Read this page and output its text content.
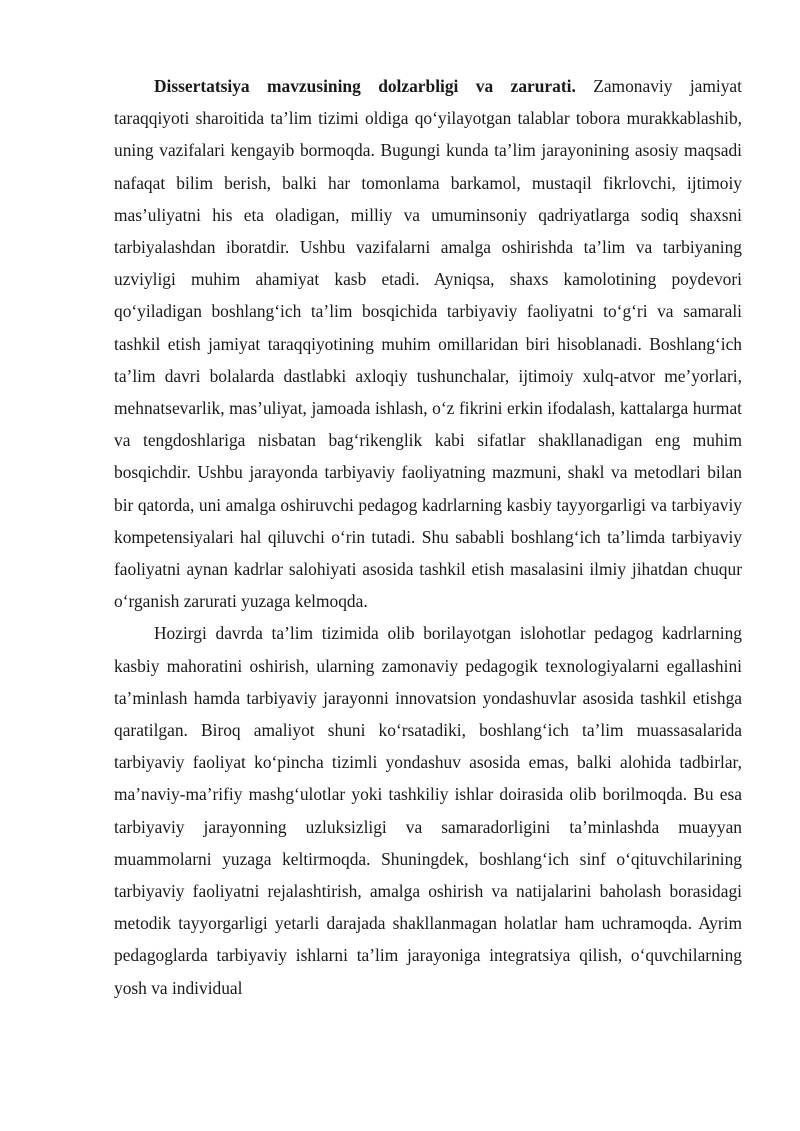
Dissertatsiya mavzusining dolzarbligi va zarurati. Zamonaviy jamiyat taraqqiyoti sharoitida ta’lim tizimi oldiga qo‘yilayotgan talablar tobora murakkablashib, uning vazifalari kengayib bormoqda. Bugungi kunda ta’lim jarayonining asosiy maqsadi nafaqat bilim berish, balki har tomonlama barkamol, mustaqil fikrlovchi, ijtimoiy mas’uliyatni his eta oladigan, milliy va umuminsoniy qadriyatlarga sodiq shaxsni tarbiyalashdan iboratdir. Ushbu vazifalarni amalga oshirishda ta’lim va tarbiyaning uzviyligi muhim ahamiyat kasb etadi. Ayniqsa, shaxs kamolotining poydevori qo‘yiladigan boshlang‘ich ta’lim bosqichida tarbiyaviy faoliyatni to‘g‘ri va samarali tashkil etish jamiyat taraqqiyotining muhim omillaridan biri hisoblanadi. Boshlang‘ich ta’lim davri bolalarda dastlabki axloqiy tushunchalar, ijtimoiy xulq-atvor me’yorlari, mehnatsevarlik, mas’uliyat, jamoada ishlash, o‘z fikrini erkin ifodalash, kattalarga hurmat va tengdoshlariga nisbatan bag‘rikenglik kabi sifatlar shakllanadigan eng muhim bosqichdir. Ushbu jarayonda tarbiyaviy faoliyatning mazmuni, shakl va metodlari bilan bir qatorda, uni amalga oshiruvchi pedagog kadrlarning kasbiy tayyorgarligi va tarbiyaviy kompetensiyalari hal qiluvchi o‘rin tutadi. Shu sababli boshlang‘ich ta’limda tarbiyaviy faoliyatni aynan kadrlar salohiyati asosida tashkil etish masalasini ilmiy jihatdan chuqur o‘rganish zarurati yuzaga kelmoqda.

Hozirgi davrda ta’lim tizimida olib borilayotgan islohotlar pedagog kadrlarning kasbiy mahoratini oshirish, ularning zamonaviy pedagogik texnologiyalarni egallashini ta’minlash hamda tarbiyaviy jarayonni innovatsion yondashuvlar asosida tashkil etishga qaratilgan. Biroq amaliyot shuni ko‘rsatadiki, boshlang‘ich ta’lim muassasalarida tarbiyaviy faoliyat ko‘pincha tizimli yondashuv asosida emas, balki alohida tadbirlar, ma’naviy-ma’rifiy mashg‘ulotlar yoki tashkiliy ishlar doirasida olib borilmoqda. Bu esa tarbiyaviy jarayonning uzluksizligi va samaradorligini ta’minlashda muayyan muammolarni yuzaga keltirmoqda. Shuningdek, boshlang‘ich sinf o‘qituvchilarining tarbiyaviy faoliyatni rejalashtirish, amalga oshirish va natijalarini baholash borasidagi metodik tayyorgarligi yetarli darajada shakllanmagan holatlar ham uchramoqda. Ayrim pedagoglarda tarbiyaviy ishlarni ta’lim jarayoniga integratsiya qilish, o‘quvchilarning yosh va individual
